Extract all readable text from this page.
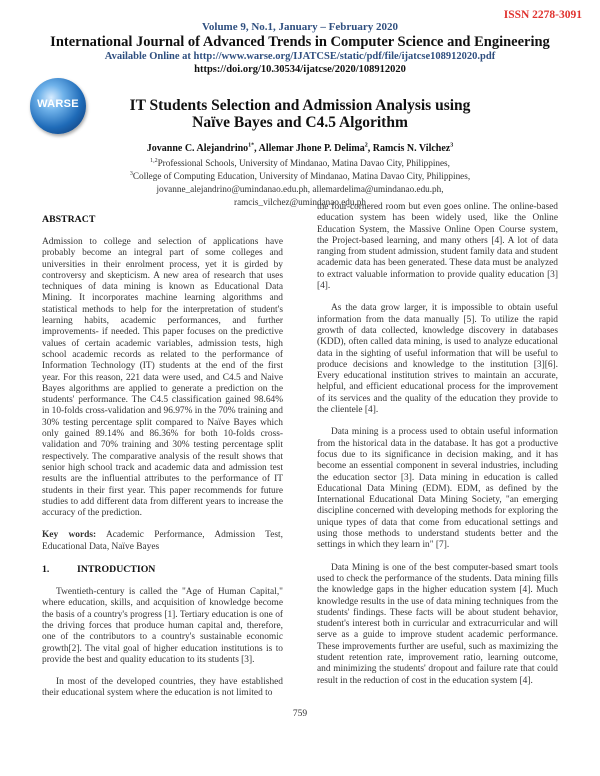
ISSN 2278-3091
Volume 9, No.1, January – February 2020
International Journal of Advanced Trends in Computer Science and Engineering
Available Online at http://www.warse.org/IJATCSE/static/pdf/file/ijatcse108912020.pdf
https://doi.org/10.30534/ijatcse/2020/108912020
WARSE	IT Students Selection and Admission Analysis using
Naïve Bayes and C4.5 Algorithm
Jovanne C. Alejandrino$^{1*}$, Allemar Jhone P. Delima$^2$, Ramcis N. Vilchez$^3$
$^{1,2}$Professional Schools, University of Mindanao, Matina Davao City, Philippines,
$^3$College of Computing Education, University of Mindanao, Matina Davao City, Philippines,
jovanne_alejandrino@umindanao.edu.ph, allemardelima@umindanao.edu.ph,
ramcis_vilchez@umindanao.edu.ph
ABSTRACT

Admission to college and selection of applications have probably become an integral part of some colleges and universities in their enrolment process, yet it is girded by controversy and skepticism. A new area of research that uses techniques of data mining is known as Educational Data Mining. It incorporates machine learning algorithms and statistical methods to help for the interpretation of student's learning habits, academic performances, and further improvements- if needed. This paper focuses on the predictive values of certain academic variables, admission tests, high school academic records as related to the performance of Information Technology (IT) students at the end of the first year. For this reason, 221 data were used, and C4.5 and Naive Bayes algorithms are applied to generate a prediction on the students' performance. The C4.5 classification gained 98.64% in 10-folds cross-validation and 96.97% in the 70% training and 30% testing percentage split compared to Naïve Bayes which only gained 89.14% and 86.36% for both 10-folds cross-validation and 70% training and 30% testing percentage split respectively. The comparative analysis of the result shows that senior high school track and academic data and admission test results are the influential attributes to the performance of IT students in their first year. This paper recommends for future studies to add different data from different years to increase the accuracy of the prediction.

Key words: Academic Performance, Admission Test, Educational Data, Naïve Bayes

1.	INTRODUCTION

Twentieth-century is called the "Age of Human Capital," where education, skills, and acquisition of knowledge become the basis of a country's progress [1]. Tertiary education is one of the driving forces that produce human capital and, therefore, one of the contributors to a country's sustainable economic growth[2]. The vital goal of higher education institutions is to provide the best and quality education to its students [3].

In most of the developed countries, they have established their educational system where the education is not limited to

the four-cornered room but even goes online. The online-based education system has been widely used, like the Online Education System, the Massive Online Open Course system, the Project-based learning, and many others [4]. A lot of data ranging from student admission, student family data and student academic data has been generated. These data must be analyzed to extract valuable information to provide quality education [3][4].

As the data grow larger, it is impossible to obtain useful information from the data manually [5]. To utilize the rapid growth of data collected, knowledge discovery in databases (KDD), often called data mining, is used to analyze educational data in the sighting of useful information that will be useful to produce decisions and knowledge to the institution [3][6]. Every educational institution strives to maintain an accurate, helpful, and efficient educational process for the improvement of its services and the quality of the education they provide to the clientele [4].

Data mining is a process used to obtain useful information from the historical data in the database. It has got a productive focus due to its significance in decision making, and it has become an essential component in several industries, including the education sector [3]. Data mining in education is called Educational Data Mining (EDM). EDM, as defined by the International Educational Data Mining Society, "an emerging discipline concerned with developing methods for exploring the unique types of data that come from educational settings and using those methods to understand students better and the settings in which they learn in" [7].

Data Mining is one of the best computer-based smart tools used to check the performance of the students. Data mining fills the knowledge gaps in the higher education system [4]. Much knowledge results in the use of data mining techniques from the students' findings. These facts will be about student behavior, student's interest both in curricular and extracurricular and will serve as a guide to improve student academic performance. These improvements further are useful, such as maximizing the student retention rate, improvement ratio, learning outcome, and minimizing the students' dropout and failure rate that could result in the reduction of cost in the education system [4].

759
